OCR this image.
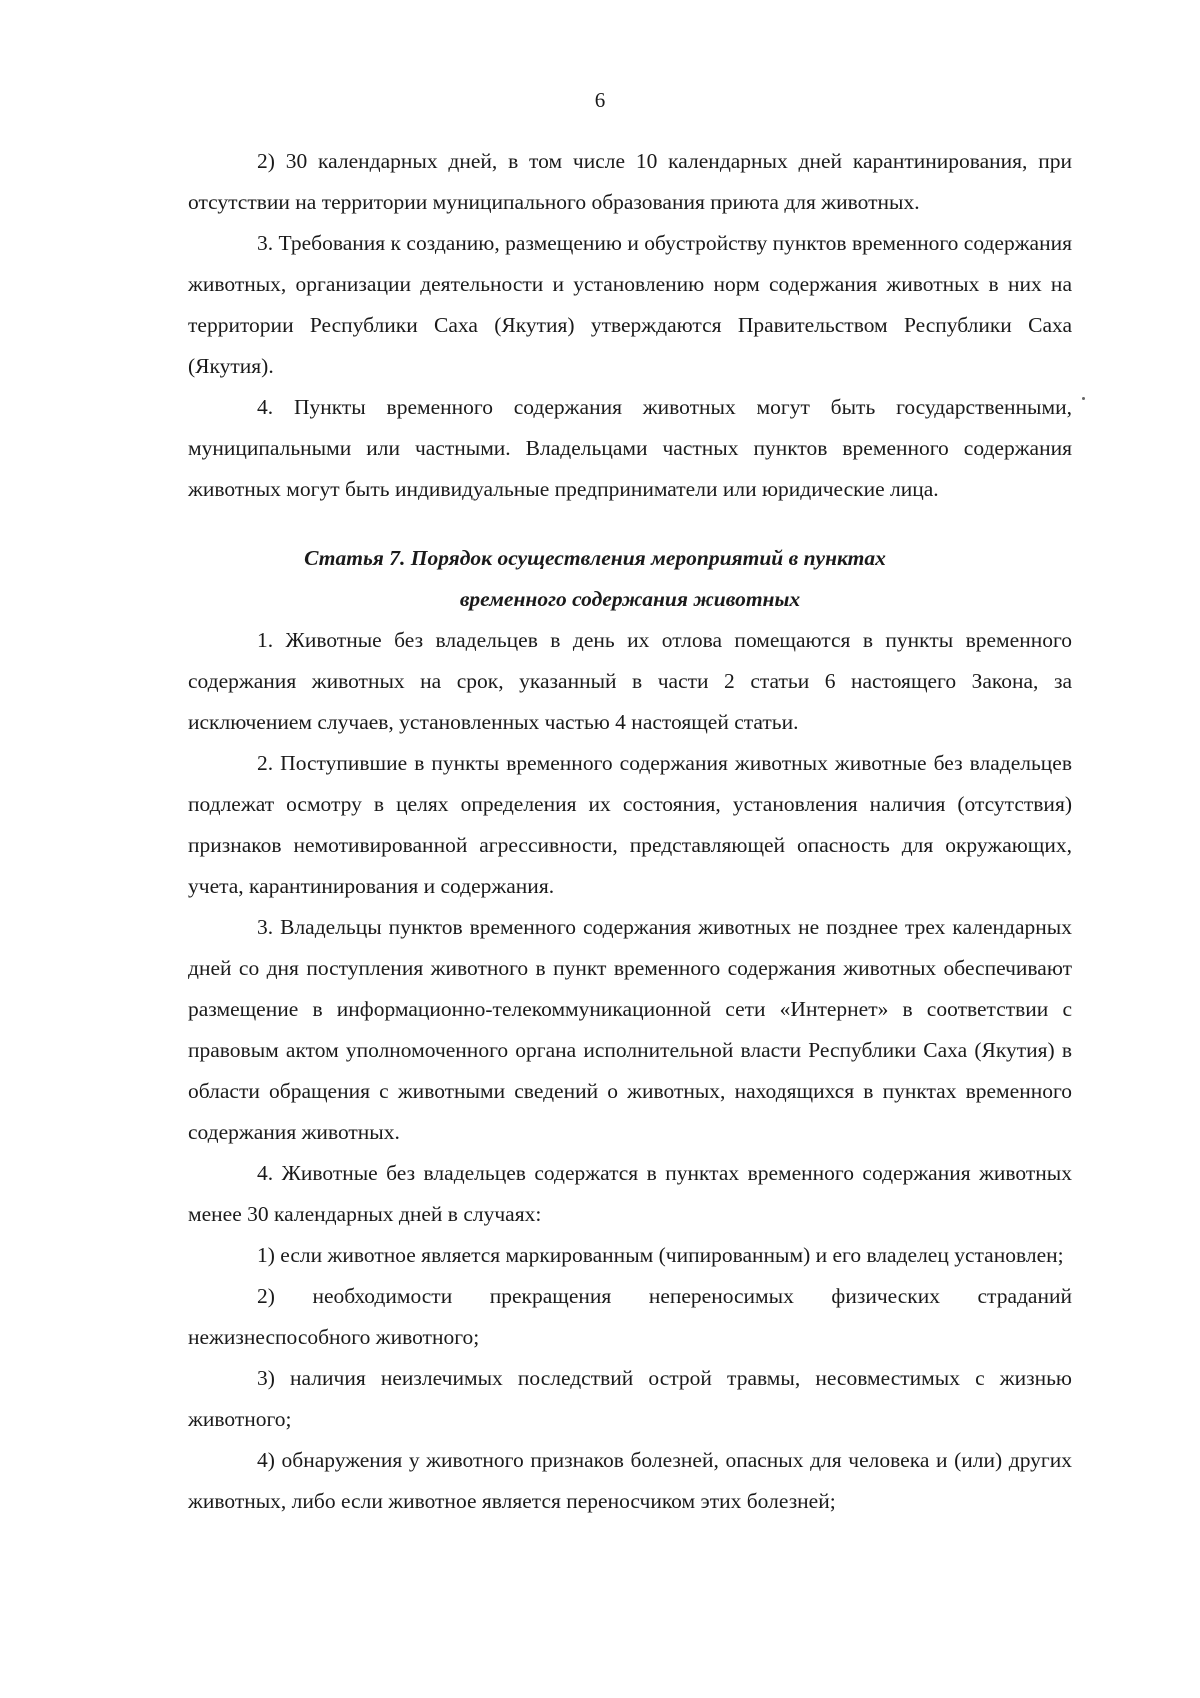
6

2) 30 календарных дней, в том числе 10 календарных дней карантинирования, при отсутствии на территории муниципального образования приюта для животных.

3. Требования к созданию, размещению и обустройству пунктов временного содержания животных, организации деятельности и установлению норм содержания животных в них на территории Республики Саха (Якутия) утверждаются Правительством Республики Саха (Якутия).

4. Пункты временного содержания животных могут быть государственными, муниципальными или частными. Владельцами частных пунктов временного содержания животных могут быть индивидуальные предприниматели или юридические лица.

Статья 7. Порядок осуществления мероприятий в пунктах
временного содержания животных

1. Животные без владельцев в день их отлова помещаются в пункты временного содержания животных на срок, указанный в части 2 статьи 6 настоящего Закона, за исключением случаев, установленных частью 4 настоящей статьи.

2. Поступившие в пункты временного содержания животных животные без владельцев подлежат осмотру в целях определения их состояния, установления наличия (отсутствия) признаков немотивированной агрессивности, представляющей опасность для окружающих, учета, карантинирования и содержания.

3. Владельцы пунктов временного содержания животных не позднее трех календарных дней со дня поступления животного в пункт временного содержания животных обеспечивают размещение в информационно-телекоммуникационной сети «Интернет» в соответствии с правовым актом уполномоченного органа исполнительной власти Республики Саха (Якутия) в области обращения с животными сведений о животных, находящихся в пунктах временного содержания животных.

4. Животные без владельцев содержатся в пунктах временного содержания животных менее 30 календарных дней в случаях:

1) если животное является маркированным (чипированным) и его владелец установлен;

2) необходимости прекращения непереносимых физических страданий нежизнеспособного животного;

3) наличия неизлечимых последствий острой травмы, несовместимых с жизнью животного;

4) обнаружения у животного признаков болезней, опасных для человека и (или) других животных, либо если животное является переносчиком этих болезней;
